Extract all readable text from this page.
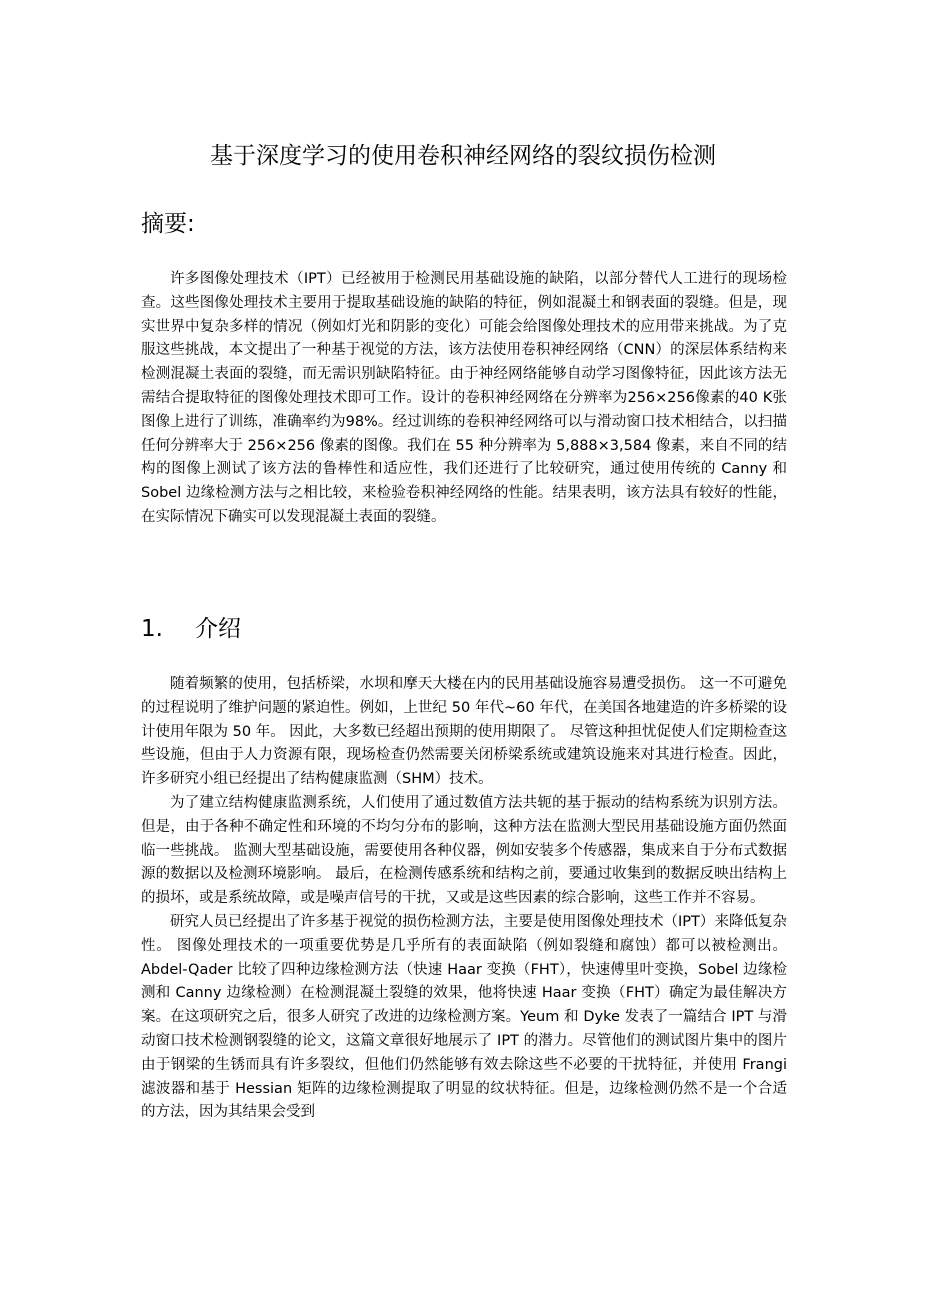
基于深度学习的使用卷积神经网络的裂纹损伤检测
摘要:

许多图像处理技术（IPT）已经被用于检测民用基础设施的缺陷，以部分替代人工进行的现场检查。这些图像处理技术主要用于提取基础设施的缺陷的特征，例如混凝土和钢表面的裂缝。但是，现实世界中复杂多样的情况（例如灯光和阴影的变化）可能会给图像处理技术的应用带来挑战。为了克服这些挑战，本文提出了一种基于视觉的方法，该方法使用卷积神经网络（CNN）的深层体系结构来检测混凝土表面的裂缝，而无需识别缺陷特征。由于神经网络能够自动学习图像特征，因此该方法无需结合提取特征的图像处理技术即可工作。设计的卷积神经网络在分辨率为256×256像素的40 K张图像上进行了训练，准确率约为98%。经过训练的卷积神经网络可以与滑动窗口技术相结合，以扫描任何分辨率大于 256×256 像素的图像。我们在 55 种分辨率为 5,888×3,584 像素，来自不同的结构的图像上测试了该方法的鲁棒性和适应性，我们还进行了比较研究，通过使用传统的 Canny 和 Sobel 边缘检测方法与之相比较，来检验卷积神经网络的性能。结果表明，该方法具有较好的性能，在实际情况下确实可以发现混凝土表面的裂缝。

1. 介绍

随着频繁的使用，包括桥梁，水坝和摩天大楼在内的民用基础设施容易遭受损伤。 这一不可避免的过程说明了维护问题的紧迫性。例如，上世纪 50 年代~60 年代，在美国各地建造的许多桥梁的设计使用年限为 50 年。 因此，大多数已经超出预期的使用期限了。 尽管这种担忧促使人们定期检查这些设施，但由于人力资源有限，现场检查仍然需要关闭桥梁系统或建筑设施来对其进行检查。因此，许多研究小组已经提出了结构健康监测（SHM）技术。

为了建立结构健康监测系统，人们使用了通过数值方法共轭的基于振动的结构系统为识别方法。 但是，由于各种不确定性和环境的不均匀分布的影响，这种方法在监测大型民用基础设施方面仍然面临一些挑战。 监测大型基础设施，需要使用各种仪器，例如安装多个传感器，集成来自于分布式数据源的数据以及检测环境影响。 最后，在检测传感系统和结构之前，要通过收集到的数据反映出结构上的损坏，或是系统故障，或是噪声信号的干扰，又或是这些因素的综合影响，这些工作并不容易。

研究人员已经提出了许多基于视觉的损伤检测方法，主要是使用图像处理技术（IPT）来降低复杂性。 图像处理技术的一项重要优势是几乎所有的表面缺陷（例如裂缝和腐蚀）都可以被检测出。Abdel-Qader 比较了四种边缘检测方法（快速 Haar 变换（FHT），快速傅里叶变换，Sobel 边缘检测和 Canny 边缘检测）在检测混凝土裂缝的效果，他将快速 Haar 变换（FHT）确定为最佳解决方案。在这项研究之后，很多人研究了改进的边缘检测方案。Yeum 和 Dyke 发表了一篇结合 IPT 与滑动窗口技术检测钢裂缝的论文，这篇文章很好地展示了 IPT 的潜力。尽管他们的测试图片集中的图片由于钢梁的生锈而具有许多裂纹，但他们仍然能够有效去除这些不必要的干扰特征，并使用 Frangi 滤波器和基于 Hessian 矩阵的边缘检测提取了明显的纹状特征。但是，边缘检测仍然不是一个合适的方法，因为其结果会受到
